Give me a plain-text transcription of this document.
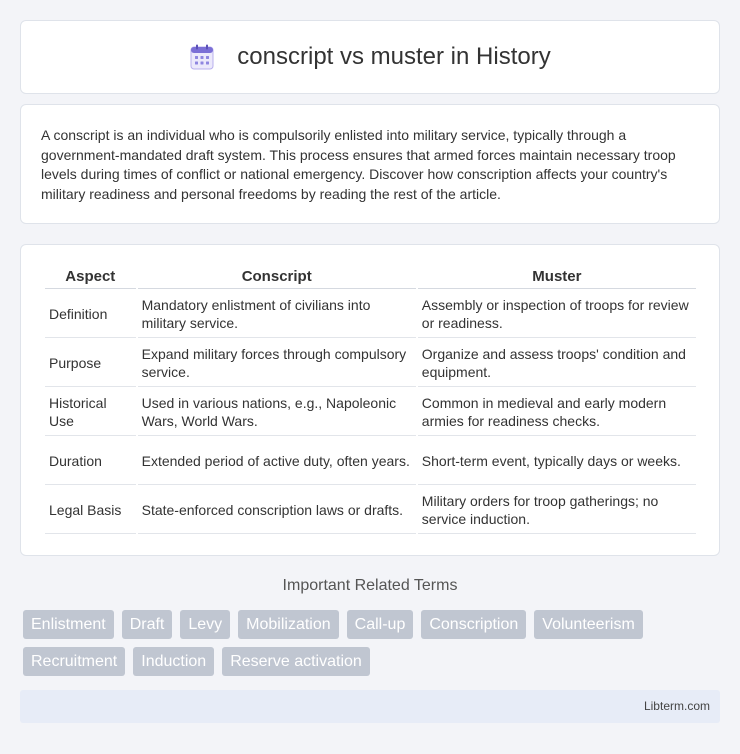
conscript vs muster in History

A conscript is an individual who is compulsorily enlisted into military service, typically through a government-mandated draft system. This process ensures that armed forces maintain necessary troop levels during times of conflict or national emergency. Discover how conscription affects your country's military readiness and personal freedoms by reading the rest of the article.

Aspect	Conscript	Muster
Definition	Mandatory enlistment of civilians into military service.	Assembly or inspection of troops for review or readiness.
Purpose	Expand military forces through compulsory service.	Organize and assess troops' condition and equipment.
Historical Use	Used in various nations, e.g., Napoleonic Wars, World Wars.	Common in medieval and early modern armies for readiness checks.
Duration	Extended period of active duty, often years.	Short-term event, typically days or weeks.
Legal Basis	State-enforced conscription laws or drafts.	Military orders for troop gatherings; no service induction.
Important Related Terms
Enlistment	Draft	Levy	Mobilization	Call-up	Conscription	Volunteerism
Recruitment	Induction	Reserve activation
Libterm.com
